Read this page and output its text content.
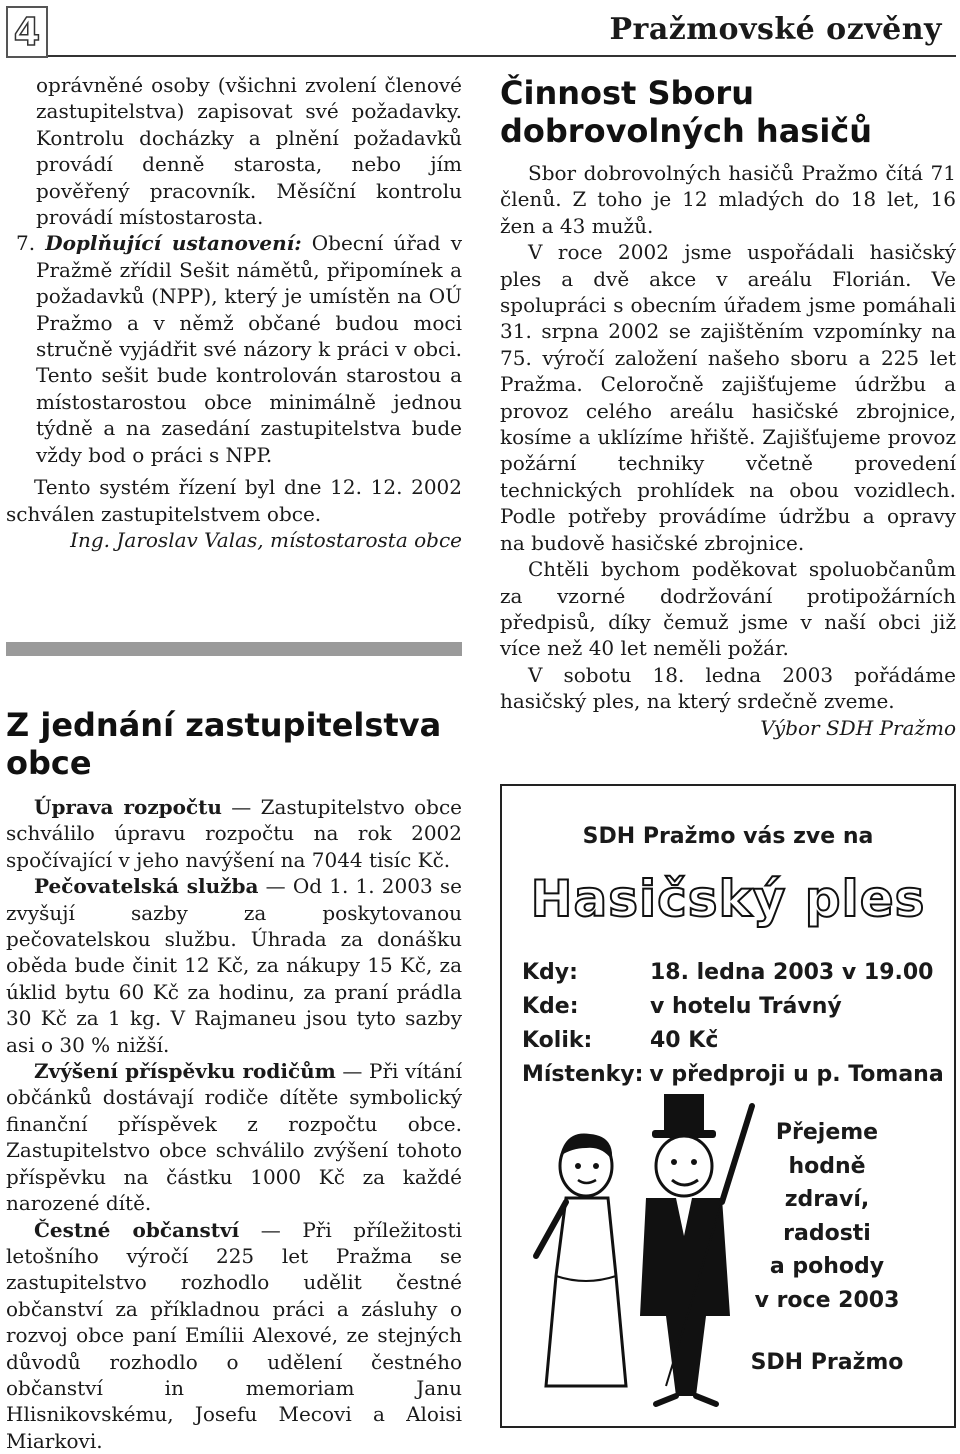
4	Pražmovské ozvěny

oprávněné osoby (všichni zvolení členové zastupitelstva) zapisovat své požadavky. Kontrolu docházky a plnění požadavků provádí denně starosta, nebo jím pověřený pracovník. Měsíční kontrolu provádí místostarosta.

7. Doplňující ustanovení: Obecní úřad v Pražmě zřídil Sešit námětů, připomínek a požadavků (NPP), který je umístěn na OÚ Pražmo a v němž občané budou moci stručně vyjádřit své názory k práci v obci. Tento sešit bude kontrolován starostou a místostarostou obce minimálně jednou týdně a na zasedání zastupitelstva bude vždy bod o práci s NPP.

Tento systém řízení byl dne 12. 12. 2002 schválen zastupitelstvem obce.

Ing. Jaroslav Valas, místostarosta obce

Z jednání zastupitelstva obce

Úprava rozpočtu — Zastupitelstvo obce schválilo úpravu rozpočtu na rok 2002 spočívající v jeho navýšení na 7044 tisíc Kč.

Pečovatelská služba — Od 1. 1. 2003 se zvyšují sazby za poskytovanou pečovatelskou službu. Úhrada za donášku oběda bude činit 12 Kč, za nákupy 15 Kč, za úklid bytu 60 Kč za hodinu, za praní prádla 30 Kč za 1 kg. V Rajmaneu jsou tyto sazby asi o 30 % nižší.

Zvýšení příspěvku rodičům — Při vítání občánků dostávají rodiče dítěte symbolický finanční příspěvek z rozpočtu obce. Zastupitelstvo obce schválilo zvýšení tohoto příspěvku na částku 1000 Kč za každé narozené dítě.

Čestné občanství — Při příležitosti letošního výročí 225 let Pražma se zastupitelstvo rozhodlo udělit čestné občanství za příkladnou práci a zásluhy o rozvoj obce paní Emílii Alexové, ze stejných důvodů rozhodlo o udělení čestného občanství in memoriam Janu Hlisnikovskému, Josefu Mecovi a Aloisi Miarkovi.

Činnost Sboru dobrovolných hasičů

Sbor dobrovolných hasičů Pražmo čítá 71 členů. Z toho je 12 mladých do 18 let, 16 žen a 43 mužů.

V roce 2002 jsme uspořádali hasičský ples a dvě akce v areálu Florián. Ve spolupráci s obecním úřadem jsme pomáhali 31. srpna 2002 se zajištěním vzpomínky na 75. výročí založení našeho sboru a 225 let Pražma. Celoročně zajišťujeme údržbu a provoz celého areálu hasičské zbrojnice, kosíme a uklízíme hřiště. Zajišťujeme provoz požární techniky včetně provedení technických prohlídek na obou vozidlech. Podle potřeby provádíme údržbu a opravy na budově hasičské zbrojnice.

Chtěli bychom poděkovat spoluobčanům za vzorné dodržování protipožárních předpisů, díky čemuž jsme v naší obci již více než 40 let neměli požár.

V sobotu 18. ledna 2003 pořádáme hasičský ples, na který srdečně zveme.

Výbor SDH Pražmo

SDH Pražmo vás zve na
Hasičský ples
Kdy:	18. ledna 2003 v 19.00
Kde:	v hotelu Trávný
Kolik:	40 Kč
Místenky: v předproji u p. Tomana
Přejeme
hodně
zdraví,
radosti
a pohody
v roce 2003
SDH Pražmo
